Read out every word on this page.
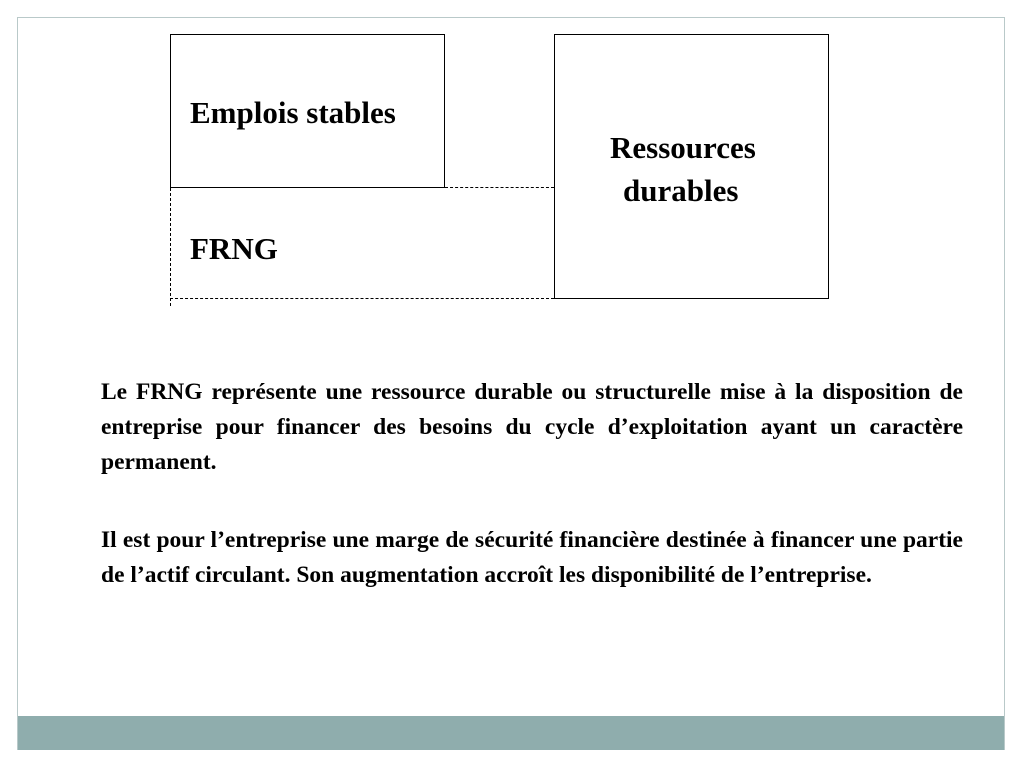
Emplois stables
FRNG
Ressources
durables

Le FRNG représente une ressource durable ou structurelle mise à la disposition de entreprise pour financer des besoins du cycle d’exploitation ayant un caractère permanent.

Il est pour l’entreprise une marge de sécurité financière destinée à financer une partie de l’actif circulant. Son augmentation accroît les disponibilité de l’entreprise.
